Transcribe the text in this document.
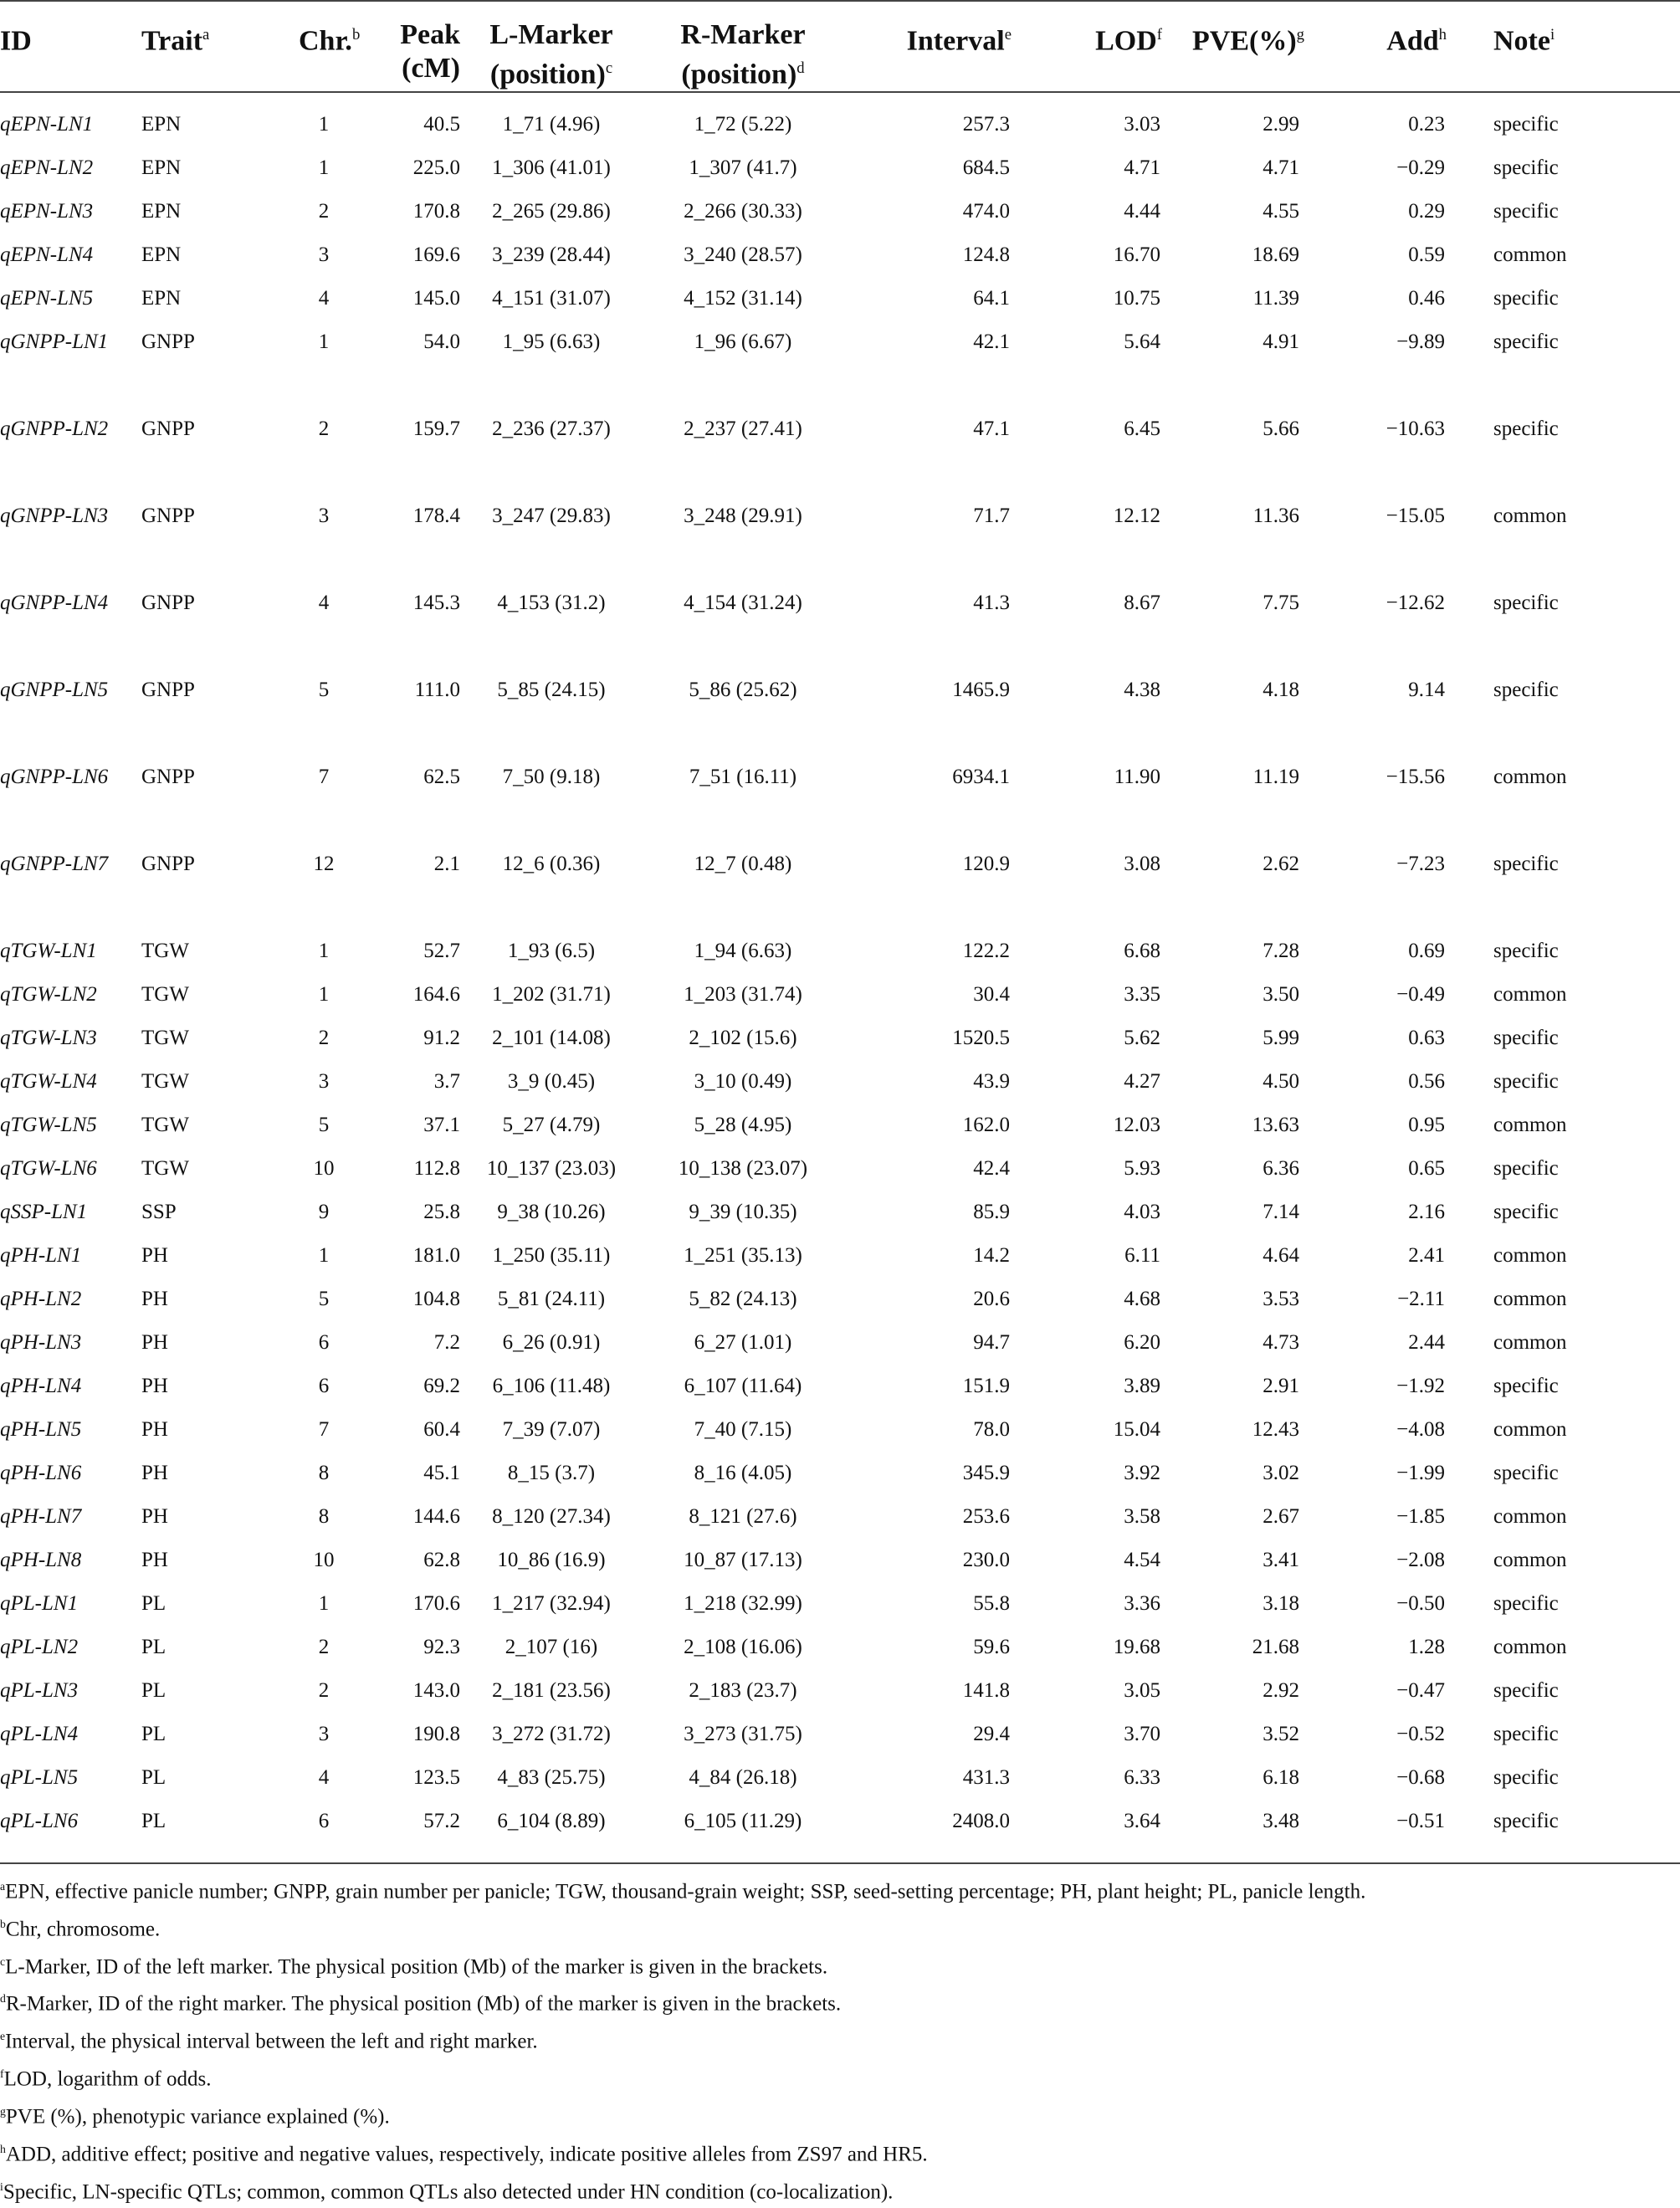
ID	Trait$^a$	Chr.$^b$	Peak (cM)	L-Marker (position)$^c$	R-Marker (position)$^d$	Interval$^e$	LOD$^f$	PVE(%)$^g$	Add$^h$	Note$^i$
qEPN-LN1	EPN	1	40.5	1_71 (4.96)	1_72 (5.22)	257.3	3.03	2.99	0.23	specific
qEPN-LN2	EPN	1	225.0	1_306 (41.01)	1_307 (41.7)	684.5	4.71	4.71	−0.29	specific
qEPN-LN3	EPN	2	170.8	2_265 (29.86)	2_266 (30.33)	474.0	4.44	4.55	0.29	specific
qEPN-LN4	EPN	3	169.6	3_239 (28.44)	3_240 (28.57)	124.8	16.70	18.69	0.59	common
qEPN-LN5	EPN	4	145.0	4_151 (31.07)	4_152 (31.14)	64.1	10.75	11.39	0.46	specific
qGNPP-LN1	GNPP	1	54.0	1_95 (6.63)	1_96 (6.67)	42.1	5.64	4.91	−9.89	specific
qGNPP-LN2	GNPP	2	159.7	2_236 (27.37)	2_237 (27.41)	47.1	6.45	5.66	−10.63	specific
qGNPP-LN3	GNPP	3	178.4	3_247 (29.83)	3_248 (29.91)	71.7	12.12	11.36	−15.05	common
qGNPP-LN4	GNPP	4	145.3	4_153 (31.2)	4_154 (31.24)	41.3	8.67	7.75	−12.62	specific
qGNPP-LN5	GNPP	5	111.0	5_85 (24.15)	5_86 (25.62)	1465.9	4.38	4.18	9.14	specific
qGNPP-LN6	GNPP	7	62.5	7_50 (9.18)	7_51 (16.11)	6934.1	11.90	11.19	−15.56	common
qGNPP-LN7	GNPP	12	2.1	12_6 (0.36)	12_7 (0.48)	120.9	3.08	2.62	−7.23	specific
qTGW-LN1	TGW	1	52.7	1_93 (6.5)	1_94 (6.63)	122.2	6.68	7.28	0.69	specific
qTGW-LN2	TGW	1	164.6	1_202 (31.71)	1_203 (31.74)	30.4	3.35	3.50	−0.49	common
qTGW-LN3	TGW	2	91.2	2_101 (14.08)	2_102 (15.6)	1520.5	5.62	5.99	0.63	specific
qTGW-LN4	TGW	3	3.7	3_9 (0.45)	3_10 (0.49)	43.9	4.27	4.50	0.56	specific
qTGW-LN5	TGW	5	37.1	5_27 (4.79)	5_28 (4.95)	162.0	12.03	13.63	0.95	common
qTGW-LN6	TGW	10	112.8	10_137 (23.03)	10_138 (23.07)	42.4	5.93	6.36	0.65	specific
qSSP-LN1	SSP	9	25.8	9_38 (10.26)	9_39 (10.35)	85.9	4.03	7.14	2.16	specific
qPH-LN1	PH	1	181.0	1_250 (35.11)	1_251 (35.13)	14.2	6.11	4.64	2.41	common
qPH-LN2	PH	5	104.8	5_81 (24.11)	5_82 (24.13)	20.6	4.68	3.53	−2.11	common
qPH-LN3	PH	6	7.2	6_26 (0.91)	6_27 (1.01)	94.7	6.20	4.73	2.44	common
qPH-LN4	PH	6	69.2	6_106 (11.48)	6_107 (11.64)	151.9	3.89	2.91	−1.92	specific
qPH-LN5	PH	7	60.4	7_39 (7.07)	7_40 (7.15)	78.0	15.04	12.43	−4.08	common
qPH-LN6	PH	8	45.1	8_15 (3.7)	8_16 (4.05)	345.9	3.92	3.02	−1.99	specific
qPH-LN7	PH	8	144.6	8_120 (27.34)	8_121 (27.6)	253.6	3.58	2.67	−1.85	common
qPH-LN8	PH	10	62.8	10_86 (16.9)	10_87 (17.13)	230.0	4.54	3.41	−2.08	common
qPL-LN1	PL	1	170.6	1_217 (32.94)	1_218 (32.99)	55.8	3.36	3.18	−0.50	specific
qPL-LN2	PL	2	92.3	2_107 (16)	2_108 (16.06)	59.6	19.68	21.68	1.28	common
qPL-LN3	PL	2	143.0	2_181 (23.56)	2_183 (23.7)	141.8	3.05	2.92	−0.47	specific
qPL-LN4	PL	3	190.8	3_272 (31.72)	3_273 (31.75)	29.4	3.70	3.52	−0.52	specific
qPL-LN5	PL	4	123.5	4_83 (25.75)	4_84 (26.18)	431.3	6.33	6.18	−0.68	specific
qPL-LN6	PL	6	57.2	6_104 (8.89)	6_105 (11.29)	2408.0	3.64	3.48	−0.51	specific

$^a$EPN, effective panicle number; GNPP, grain number per panicle; TGW, thousand-grain weight; SSP, seed-setting percentage; PH, plant height; PL, panicle length.

$^b$Chr, chromosome.

$^c$L-Marker, ID of the left marker. The physical position (Mb) of the marker is given in the brackets.

$^d$R-Marker, ID of the right marker. The physical position (Mb) of the marker is given in the brackets.

$^e$Interval, the physical interval between the left and right marker.

$^f$LOD, logarithm of odds.

$^g$PVE (%), phenotypic variance explained (%).

$^h$ADD, additive effect; positive and negative values, respectively, indicate positive alleles from ZS97 and HR5.

$^i$Specific, LN-specific QTLs; common, common QTLs also detected under HN condition (co-localization).
